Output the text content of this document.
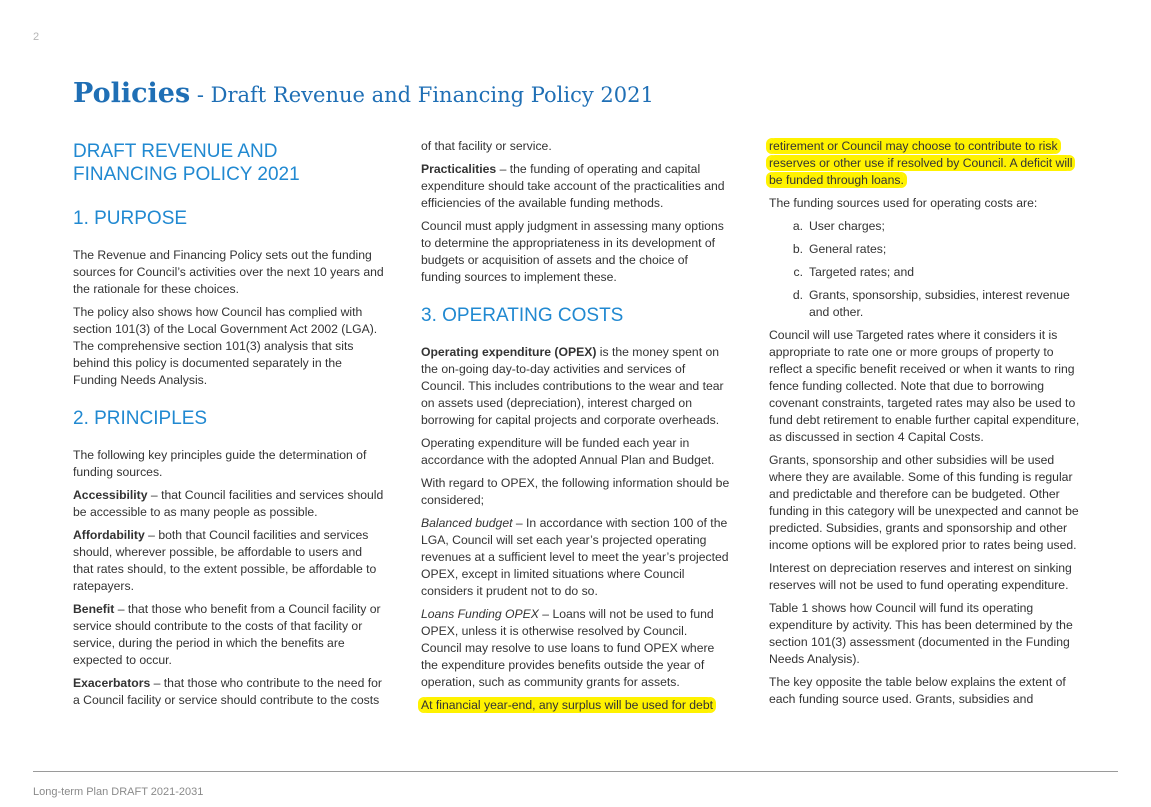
2
Policies - Draft Revenue and Financing Policy 2021
DRAFT REVENUE AND
FINANCING POLICY 2021
1. PURPOSE

The Revenue and Financing Policy sets out the funding sources for Council’s activities over the next 10 years and the rationale for these choices.

The policy also shows how Council has complied with section 101(3) of the Local Government Act 2002 (LGA). The comprehensive section 101(3) analysis that sits behind this policy is documented separately in the Funding Needs Analysis.

2. PRINCIPLES

The following key principles guide the determination of funding sources.

Accessibility – that Council facilities and services should be accessible to as many people as possible.

Affordability – both that Council facilities and services should, wherever possible, be affordable to users and that rates should, to the extent possible, be affordable to ratepayers.

Benefit – that those who benefit from a Council facility or service should contribute to the costs of that facility or service, during the period in which the benefits are expected to occur.

Exacerbators – that those who contribute to the need for a Council facility or service should contribute to the costs

of that facility or service.

Practicalities – the funding of operating and capital expenditure should take account of the practicalities and efficiencies of the available funding methods.

Council must apply judgment in assessing many options to determine the appropriateness in its development of budgets or acquisition of assets and the choice of funding sources to implement these.

3. OPERATING COSTS

Operating expenditure (OPEX) is the money spent on the on-going day-to-day activities and services of Council. This includes contributions to the wear and tear on assets used (depreciation), interest charged on borrowing for capital projects and corporate overheads.

Operating expenditure will be funded each year in accordance with the adopted Annual Plan and Budget.

With regard to OPEX, the following information should be considered;

Balanced budget – In accordance with section 100 of the LGA, Council will set each year’s projected operating revenues at a sufficient level to meet the year’s projected OPEX, except in limited situations where Council considers it prudent not to do so.

Loans Funding OPEX – Loans will not be used to fund OPEX, unless it is otherwise resolved by Council. Council may resolve to use loans to fund OPEX where the expenditure provides benefits outside the year of operation, such as community grants for assets.

At financial year-end, any surplus will be used for debt

retirement or Council may choose to contribute to risk reserves or other use if resolved by Council. A deficit will be funded through loans.

The funding sources used for operating costs are:

a. User charges;
b. General rates;
c. Targeted rates; and
d. Grants, sponsorship, subsidies, interest revenue and other.

Council will use Targeted rates where it considers it is appropriate to rate one or more groups of property to reflect a specific benefit received or when it wants to ring fence funding collected. Note that due to borrowing covenant constraints, targeted rates may also be used to fund debt retirement to enable further capital expenditure, as discussed in section 4 Capital Costs.

Grants, sponsorship and other subsidies will be used where they are available. Some of this funding is regular and predictable and therefore can be budgeted. Other funding in this category will be unexpected and cannot be predicted. Subsidies, grants and sponsorship and other income options will be explored prior to rates being used.

Interest on depreciation reserves and interest on sinking reserves will not be used to fund operating expenditure.

Table 1 shows how Council will fund its operating expenditure by activity. This has been determined by the section 101(3) assessment (documented in the Funding Needs Analysis).

The key opposite the table below explains the extent of each funding source used. Grants, subsidies and

Long-term Plan DRAFT 2021-2031
